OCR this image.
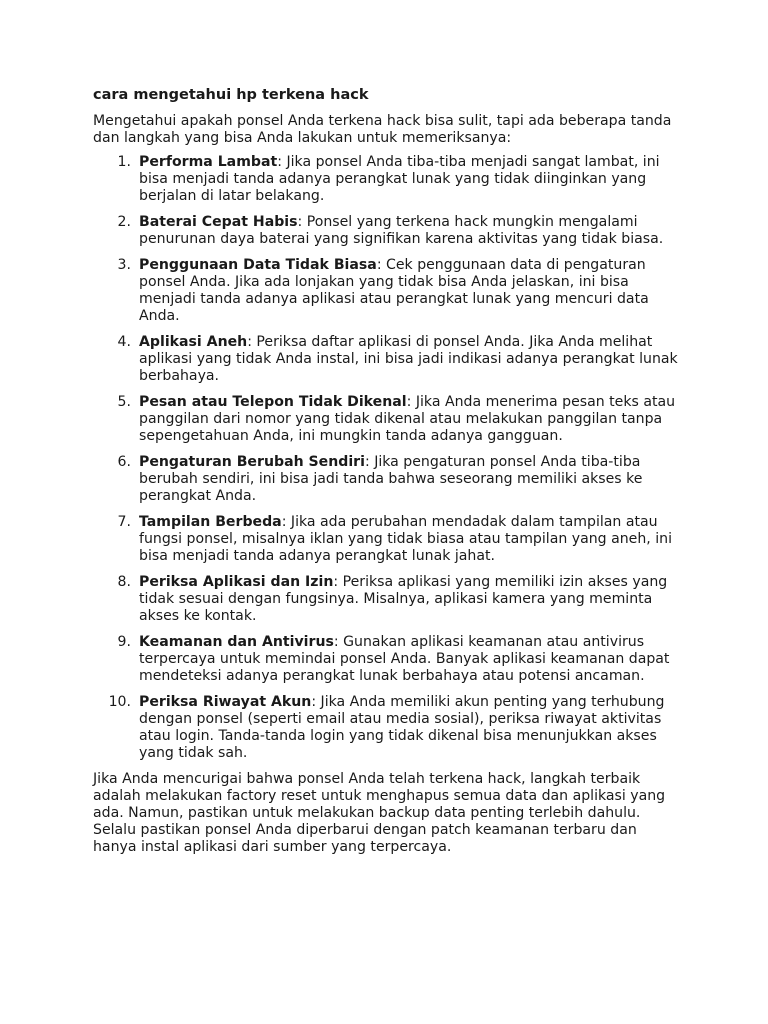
cara mengetahui hp terkena hack

Mengetahui apakah ponsel Anda terkena hack bisa sulit, tapi ada beberapa tanda dan langkah yang bisa Anda lakukan untuk memeriksanya:

1. Performa Lambat: Jika ponsel Anda tiba-tiba menjadi sangat lambat, ini bisa menjadi tanda adanya perangkat lunak yang tidak diinginkan yang berjalan di latar belakang.
2. Baterai Cepat Habis: Ponsel yang terkena hack mungkin mengalami penurunan daya baterai yang signifikan karena aktivitas yang tidak biasa.
3. Penggunaan Data Tidak Biasa: Cek penggunaan data di pengaturan ponsel Anda. Jika ada lonjakan yang tidak bisa Anda jelaskan, ini bisa menjadi tanda adanya aplikasi atau perangkat lunak yang mencuri data Anda.
4. Aplikasi Aneh: Periksa daftar aplikasi di ponsel Anda. Jika Anda melihat aplikasi yang tidak Anda instal, ini bisa jadi indikasi adanya perangkat lunak berbahaya.
5. Pesan atau Telepon Tidak Dikenal: Jika Anda menerima pesan teks atau panggilan dari nomor yang tidak dikenal atau melakukan panggilan tanpa sepengetahuan Anda, ini mungkin tanda adanya gangguan.
6. Pengaturan Berubah Sendiri: Jika pengaturan ponsel Anda tiba-tiba berubah sendiri, ini bisa jadi tanda bahwa seseorang memiliki akses ke perangkat Anda.
7. Tampilan Berbeda: Jika ada perubahan mendadak dalam tampilan atau fungsi ponsel, misalnya iklan yang tidak biasa atau tampilan yang aneh, ini bisa menjadi tanda adanya perangkat lunak jahat.
8. Periksa Aplikasi dan Izin: Periksa aplikasi yang memiliki izin akses yang tidak sesuai dengan fungsinya. Misalnya, aplikasi kamera yang meminta akses ke kontak.
9. Keamanan dan Antivirus: Gunakan aplikasi keamanan atau antivirus terpercaya untuk memindai ponsel Anda. Banyak aplikasi keamanan dapat mendeteksi adanya perangkat lunak berbahaya atau potensi ancaman.
10. Periksa Riwayat Akun: Jika Anda memiliki akun penting yang terhubung dengan ponsel (seperti email atau media sosial), periksa riwayat aktivitas atau login. Tanda-tanda login yang tidak dikenal bisa menunjukkan akses yang tidak sah.

Jika Anda mencurigai bahwa ponsel Anda telah terkena hack, langkah terbaik adalah melakukan factory reset untuk menghapus semua data dan aplikasi yang ada. Namun, pastikan untuk melakukan backup data penting terlebih dahulu. Selalu pastikan ponsel Anda diperbarui dengan patch keamanan terbaru dan hanya instal aplikasi dari sumber yang terpercaya.
